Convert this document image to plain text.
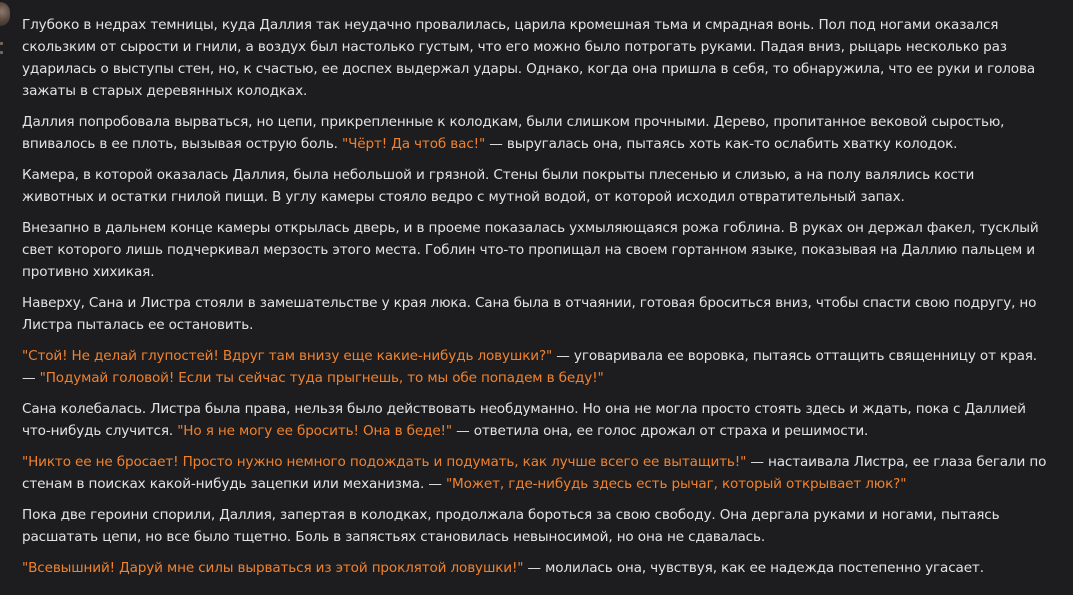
Глубоко в недрах темницы, куда Даллия так неудачно провалилась, царила кромешная тьма и смрадная вонь. Пол под ногами оказался скользким от сырости и гнили, а воздух был настолько густым, что его можно было потрогать руками. Падая вниз, рыцарь несколько раз ударилась о выступы стен, но, к счастью, ее доспех выдержал удары. Однако, когда она пришла в себя, то обнаружила, что ее руки и голова зажаты в старых деревянных колодках.

Даллия попробовала вырваться, но цепи, прикрепленные к колодкам, были слишком прочными. Дерево, пропитанное вековой сыростью, впивалось в ее плоть, вызывая острую боль. "Чёрт! Да чтоб вас!" — выругалась она, пытаясь хоть как-то ослабить хватку колодок.

Камера, в которой оказалась Даллия, была небольшой и грязной. Стены были покрыты плесенью и слизью, а на полу валялись кости животных и остатки гнилой пищи. В углу камеры стояло ведро с мутной водой, от которой исходил отвратительный запах.

Внезапно в дальнем конце камеры открылась дверь, и в проеме показалась ухмыляющаяся рожа гоблина. В руках он держал факел, тусклый свет которого лишь подчеркивал мерзость этого места. Гоблин что-то пропищал на своем гортанном языке, показывая на Даллию пальцем и противно хихикая.

Наверху, Сана и Листра стояли в замешательстве у края люка. Сана была в отчаянии, готовая броситься вниз, чтобы спасти свою подругу, но Листра пыталась ее остановить.

"Стой! Не делай глупостей! Вдруг там внизу еще какие-нибудь ловушки?" — уговаривала ее воровка, пытаясь оттащить священницу от края. — "Подумай головой! Если ты сейчас туда прыгнешь, то мы обе попадем в беду!"

Сана колебалась. Листра была права, нельзя было действовать необдуманно. Но она не могла просто стоять здесь и ждать, пока с Даллией что-нибудь случится. "Но я не могу ее бросить! Она в беде!" — ответила она, ее голос дрожал от страха и решимости.

"Никто ее не бросает! Просто нужно немного подождать и подумать, как лучше всего ее вытащить!" — настаивала Листра, ее глаза бегали по стенам в поисках какой-нибудь зацепки или механизма. — "Может, где-нибудь здесь есть рычаг, который открывает люк?"

Пока две героини спорили, Даллия, запертая в колодках, продолжала бороться за свою свободу. Она дергала руками и ногами, пытаясь расшатать цепи, но все было тщетно. Боль в запястьях становилась невыносимой, но она не сдавалась.

"Всевышний! Даруй мне силы вырваться из этой проклятой ловушки!" — молилась она, чувствуя, как ее надежда постепенно угасает.
